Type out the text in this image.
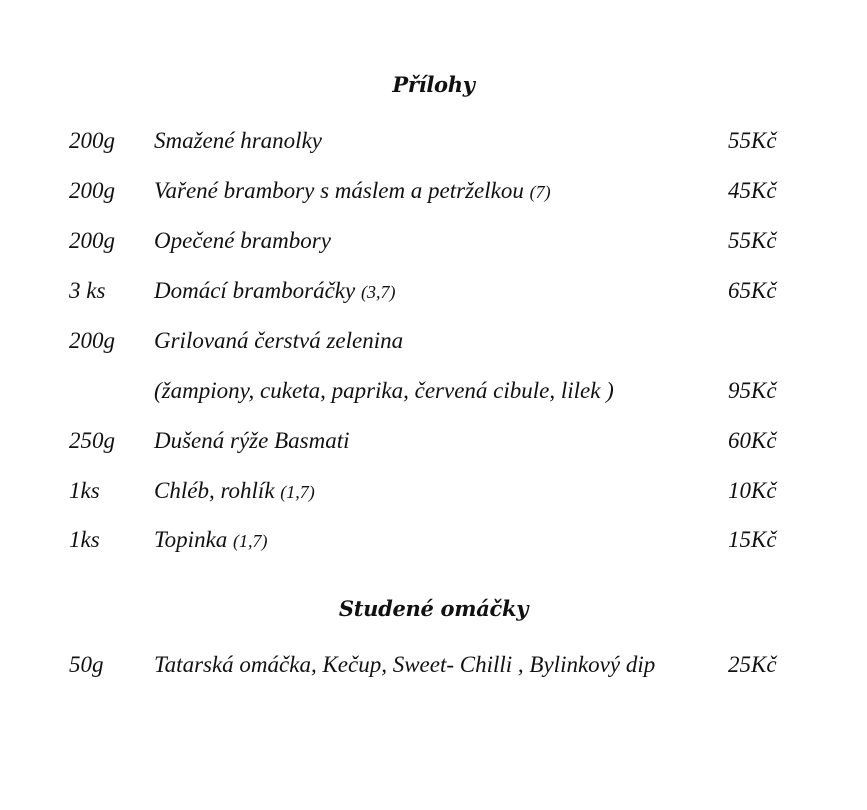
Přílohy
200g Smažené hranolky	55Kč
200g Vařené brambory s máslem a petrželkou (7)	45Kč
200g Opečené brambory	55Kč
3 ks Domácí bramboráčky (3,7)	65Kč
200g Grilovaná čerstvá zelenina
(žampiony, cuketa, paprika, červená cibule, lilek )	95Kč
250g Dušená rýže Basmati	60Kč
1ks Chléb, rohlík (1,7)	10Kč
1ks Topinka (1,7)	15Kč
Studené omáčky
50g Tatarská omáčka, Kečup, Sweet- Chilli , Bylinkový dip	25Kč
